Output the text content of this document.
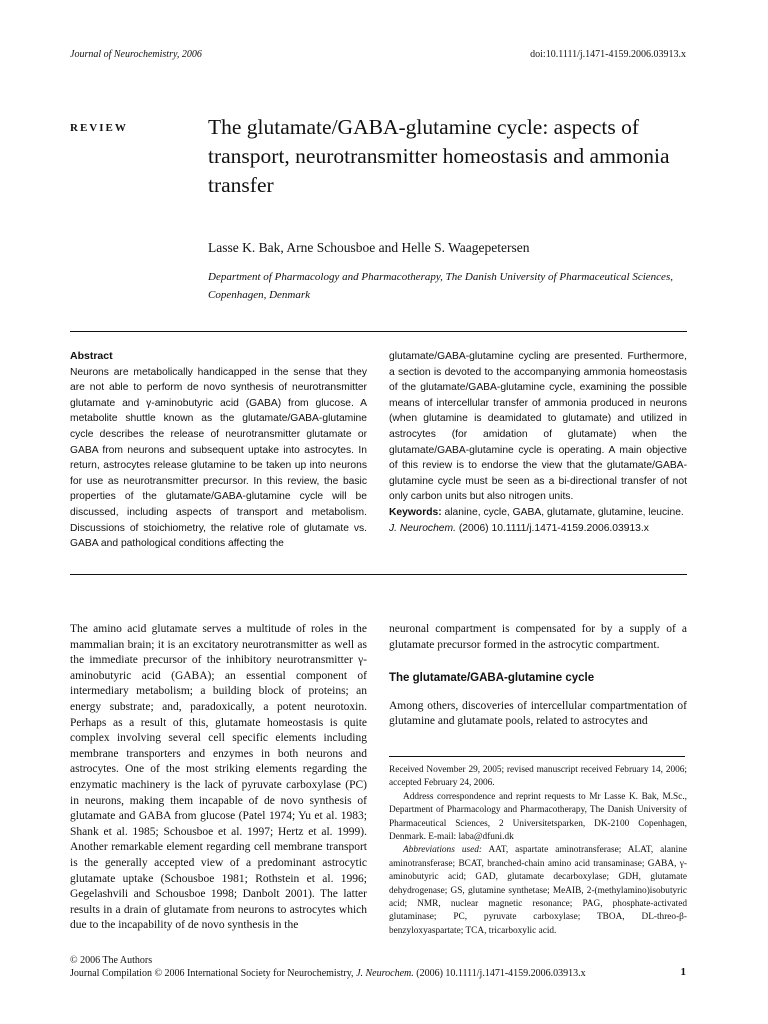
Journal of Neurochemistry, 2006	doi:10.1111/j.1471-4159.2006.03913.x
REVIEW	The glutamate/GABA-glutamine cycle: aspects of transport, neurotransmitter homeostasis and ammonia transfer
Lasse K. Bak, Arne Schousboe and Helle S. Waagepetersen
Department of Pharmacology and Pharmacotherapy, The Danish University of Pharmaceutical Sciences, Copenhagen, Denmark
Abstract

Neurons are metabolically handicapped in the sense that they are not able to perform de novo synthesis of neurotransmitter glutamate and γ-aminobutyric acid (GABA) from glucose. A metabolite shuttle known as the glutamate/GABA-glutamine cycle describes the release of neurotransmitter glutamate or GABA from neurons and subsequent uptake into astrocytes. In return, astrocytes release glutamine to be taken up into neurons for use as neurotransmitter precursor. In this review, the basic properties of the glutamate/GABA-glutamine cycle will be discussed, including aspects of transport and metabolism. Discussions of stoichiometry, the relative role of glutamate vs. GABA and pathological conditions affecting the

glutamate/GABA-glutamine cycling are presented. Furthermore, a section is devoted to the accompanying ammonia homeostasis of the glutamate/GABA-glutamine cycle, examining the possible means of intercellular transfer of ammonia produced in neurons (when glutamine is deamidated to glutamate) and utilized in astrocytes (for amidation of glutamate) when the glutamate/GABA-glutamine cycle is operating. A main objective of this review is to endorse the view that the glutamate/GABA-glutamine cycle must be seen as a bi-directional transfer of not only carbon units but also nitrogen units.

Keywords: alanine, cycle, GABA, glutamate, glutamine, leucine.

J. Neurochem. (2006) 10.1111/j.1471-4159.2006.03913.x

The amino acid glutamate serves a multitude of roles in the mammalian brain; it is an excitatory neurotransmitter as well as the immediate precursor of the inhibitory neurotransmitter γ-aminobutyric acid (GABA); an essential component of intermediary metabolism; a building block of proteins; an energy substrate; and, paradoxically, a potent neurotoxin. Perhaps as a result of this, glutamate homeostasis is quite complex involving several cell specific elements including membrane transporters and enzymes in both neurons and astrocytes. One of the most striking elements regarding the enzymatic machinery is the lack of pyruvate carboxylase (PC) in neurons, making them incapable of de novo synthesis of glutamate and GABA from glucose (Patel 1974; Yu et al. 1983; Shank et al. 1985; Schousboe et al. 1997; Hertz et al. 1999). Another remarkable element regarding cell membrane transport is the generally accepted view of a predominant astrocytic glutamate uptake (Schousboe 1981; Rothstein et al. 1996; Gegelashvili and Schousboe 1998; Danbolt 2001). The latter results in a drain of glutamate from neurons to astrocytes which due to the incapability of de novo synthesis in the

neuronal compartment is compensated for by a supply of a glutamate precursor formed in the astrocytic compartment.

The glutamate/GABA-glutamine cycle

Among others, discoveries of intercellular compartmentation of glutamine and glutamate pools, related to astrocytes and

Received November 29, 2005; revised manuscript received February 14, 2006; accepted February 24, 2006.

Address correspondence and reprint requests to Mr Lasse K. Bak, M.Sc., Department of Pharmacology and Pharmacotherapy, The Danish University of Pharmaceutical Sciences, 2 Universitetsparken, DK-2100 Copenhagen, Denmark. E-mail: laba@dfuni.dk

Abbreviations used: AAT, aspartate aminotransferase; ALAT, alanine aminotransferase; BCAT, branched-chain amino acid transaminase; GABA, γ-aminobutyric acid; GAD, glutamate decarboxylase; GDH, glutamate dehydrogenase; GS, glutamine synthetase; MeAIB, 2-(methylamino)isobutyric acid; NMR, nuclear magnetic resonance; PAG, phosphate-activated glutaminase; PC, pyruvate carboxylase; TBOA, DL-threo-β-benzyloxyaspartate; TCA, tricarboxylic acid.

© 2006 The Authors
Journal Compilation © 2006 International Society for Neurochemistry, J. Neurochem. (2006) 10.1111/j.1471-4159.2006.03913.x	1
